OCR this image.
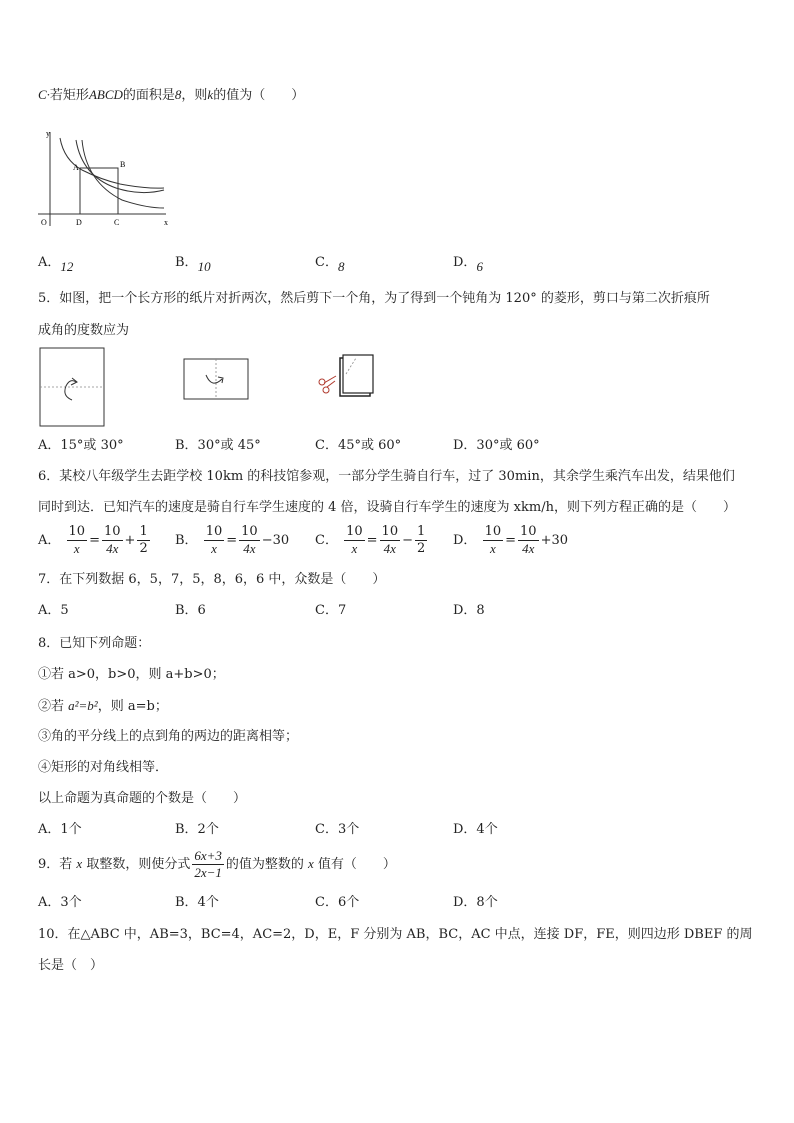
C·若矩形ABCD的面积是8，则k的值为（　　）
y
x
O
A	B
C
D
A．12	B．10	C．8	D．6
5．如图，把一个长方形的纸片对折两次，然后剪下一个角，为了得到一个钝角为 120° 的菱形，剪口与第二次折痕所
成角的度数应为
A．15°或 30°	B．30°或 45°	C．45°或 60°	D．30°或 60°
6．某校八年级学生去距学校 10km 的科技馆参观，一部分学生骑自行车，过了 30min，其余学生乘汽车出发，结果他们
同时到达．已知汽车的速度是骑自行车学生速度的 4 倍，设骑自行车学生的速度为 xkm/h，则下列方程正确的是（　　）
A． $\frac{10}{x} = \frac{10}{4x} + \frac{1}{2}$ B． $\frac{10}{x} = \frac{10}{4x} -30$ C． $\frac{10}{x} = \frac{10}{4x} - \frac{1}{2}$ D． $\frac{10}{x} = \frac{10}{4x} +30$
7．在下列数据 6，5，7，5，8，6，6 中，众数是（　　）
A．5	B．6	C．7	D．8
8．已知下列命题：
①若 a>0，b>0，则 a+b>0；
②若 a²=b²，则 a=b；
③角的平分线上的点到角的两边的距离相等；
④矩形的对角线相等．
以上命题为真命题的个数是（　　）
A．1个	B．2个	C．3个	D．4个
9．若 x 取整数，则使分式 $\frac{6x+3}{2x-1}$ 的值为整数的 x 值有（　　）
A．3个	B．4个	C．6个	D．8个
10．在△ABC 中，AB=3，BC=4，AC=2，D，E，F 分别为 AB，BC，AC 中点，连接 DF，FE，则四边形 DBEF 的周
长是（　）
